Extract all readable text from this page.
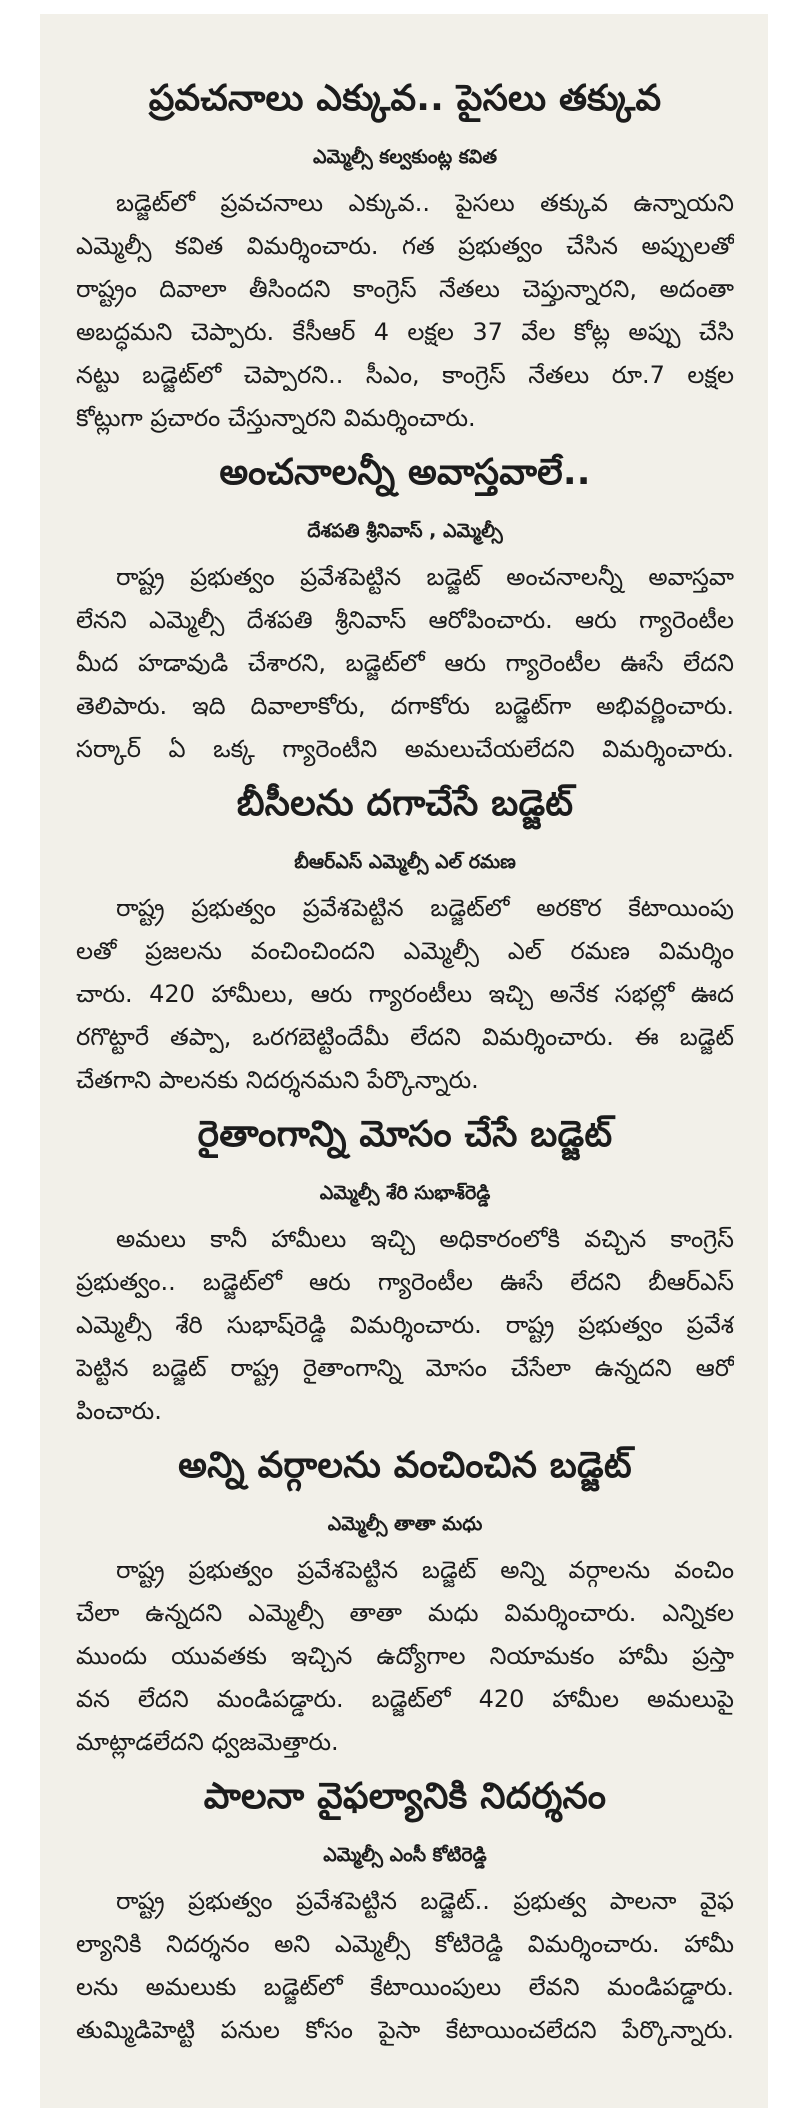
ప్రవచనాలు ఎక్కువ.. పైసలు తక్కువ
ఎమ్మెల్సీ కల్వకుంట్ల కవిత
బడ్జెట్‌లో ప్రవచనాలు ఎక్కువ.. పైసలు తక్కువ ఉన్నాయని
ఎమ్మెల్సీ కవిత విమర్శించారు. గత ప్రభుత్వం చేసిన అప్పులతో
రాష్ట్రం దివాలా తీసిందని కాంగ్రెస్ నేతలు చెప్తున్నారని, అదంతా
అబద్ధమని చెప్పారు. కేసీఆర్ 4 లక్షల 37 వేల కోట్ల అప్పు చేసి
నట్టు బడ్జెట్‌లో చెప్పారని.. సీఎం, కాంగ్రెస్ నేతలు రూ.7 లక్షల
కోట్లుగా ప్రచారం చేస్తున్నారని విమర్శించారు.
అంచనాలన్నీ అవాస్తవాలే..
దేశపతి శ్రీనివాస్ , ఎమ్మెల్సీ
రాష్ట్ర ప్రభుత్వం ప్రవేశపెట్టిన బడ్జెట్ అంచనాలన్నీ అవాస్తవా
లేనని ఎమ్మెల్సీ దేశపతి శ్రీనివాస్ ఆరోపించారు. ఆరు గ్యారెంటీల
మీద హడావుడి చేశారని, బడ్జెట్‌లో ఆరు గ్యారెంటీల ఊసే లేదని
తెలిపారు. ఇది దివాలాకోరు, దగాకోరు బడ్జెట్‌గా అభివర్ణించారు.
సర్కార్ ఏ ఒక్క గ్యారెంటీని అమలుచేయలేదని విమర్శించారు.
బీసీలను దగాచేసే బడ్జెట్
బీఆర్ఎస్ ఎమ్మెల్సీ ఎల్ రమణ
రాష్ట్ర ప్రభుత్వం ప్రవేశపెట్టిన బడ్జెట్‌లో అరకొర కేటాయింపు
లతో ప్రజలను వంచించిందని ఎమ్మెల్సీ ఎల్ రమణ విమర్శిం
చారు. 420 హామీలు, ఆరు గ్యారంటీలు ఇచ్చి అనేక సభల్లో ఊద
రగొట్టారే తప్పా, ఒరగబెట్టిందేమీ లేదని విమర్శించారు. ఈ బడ్జెట్
చేతగాని పాలనకు నిదర్శనమని పేర్కొన్నారు.
రైతాంగాన్ని మోసం చేసే బడ్జెట్
ఎమ్మెల్సీ శేరి సుభాశ్‌రెడ్డి
అమలు కానీ హామీలు ఇచ్చి అధికారంలోకి వచ్చిన కాంగ్రెస్
ప్రభుత్వం.. బడ్జెట్‌లో ఆరు గ్యారెంటీల ఊసే లేదని బీఆర్ఎస్
ఎమ్మెల్సీ శేరి సుభాష్‌రెడ్డి విమర్శించారు. రాష్ట్ర ప్రభుత్వం ప్రవేశ
పెట్టిన బడ్జెట్ రాష్ట్ర రైతాంగాన్ని మోసం చేసేలా ఉన్నదని ఆరో
పించారు.
అన్ని వర్గాలను వంచించిన బడ్జెట్
ఎమ్మెల్సీ తాతా మధు
రాష్ట్ర ప్రభుత్వం ప్రవేశపెట్టిన బడ్జెట్ అన్ని వర్గాలను వంచిం
చేలా ఉన్నదని ఎమ్మెల్సీ తాతా మధు విమర్శించారు. ఎన్నికల
ముందు యువతకు ఇచ్చిన ఉద్యోగాల నియామకం హామీ ప్రస్తా
వన లేదని మండిపడ్డారు. బడ్జెట్‌లో 420 హామీల అమలుపై
మాట్లాడలేదని ధ్వజమెత్తారు.
పాలనా వైఫల్యానికి నిదర్శనం
ఎమ్మెల్సీ ఎంసీ కోటిరెడ్డి
రాష్ట్ర ప్రభుత్వం ప్రవేశపెట్టిన బడ్జెట్.. ప్రభుత్వ పాలనా వైఫ
ల్యానికి నిదర్శనం అని ఎమ్మెల్సీ కోటిరెడ్డి విమర్శించారు. హామీ
లను అమలుకు బడ్జెట్‌లో కేటాయింపులు లేవని మండిపడ్డారు.
తుమ్మిడిహెట్టి పనుల కోసం పైసా కేటాయించలేదని పేర్కొన్నారు.
